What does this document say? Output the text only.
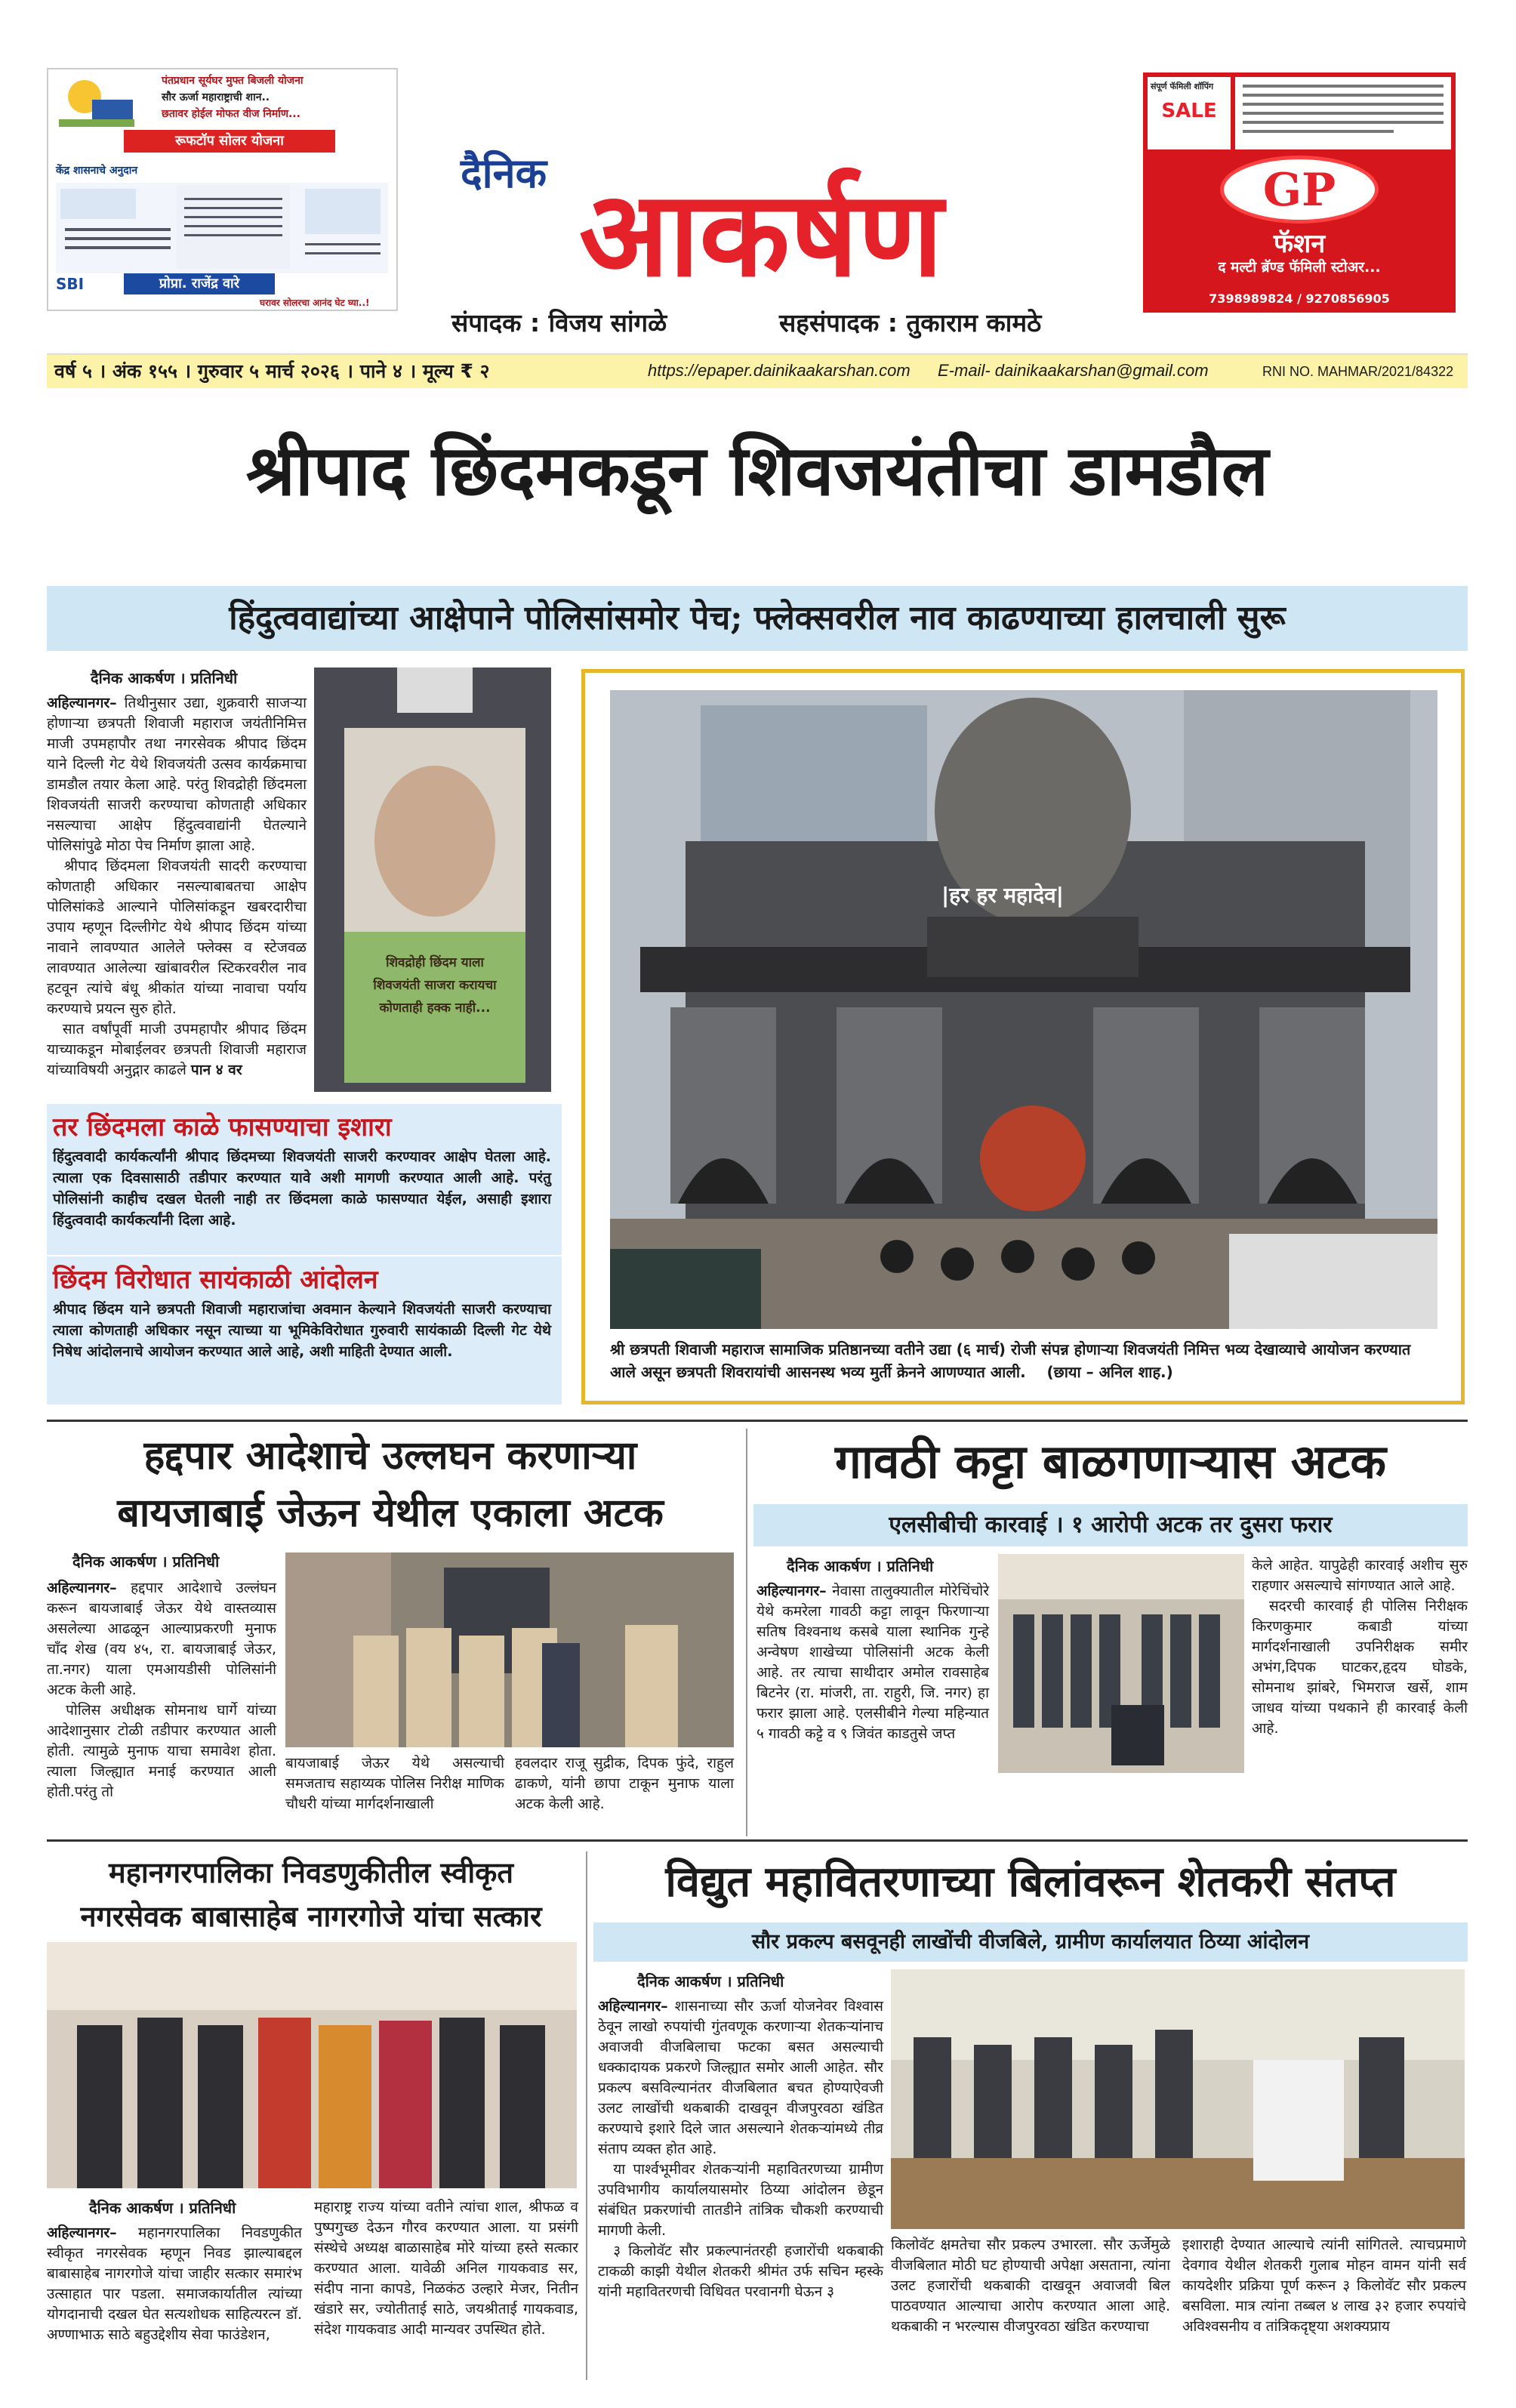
पंतप्रधान सूर्यघर मुफ्त बिजली योजना
सौर ऊर्जा महाराष्ट्राची शान..
छतावर होईल मोफत वीज निर्माण...
रूफटॉप सोलर योजना
केंद्र शासनाचे अनुदान
SBI	प्रोप्रा. राजेंद्र वारे
घरावर सोलरचा आनंद घेट घ्या..!
दैनिक आकर्षण
संपादक : विजय सांगळे	सहसंपादक : तुकाराम कामठे
संपूर्ण फॅमिली शॉपिंग
SALE
GP
फॅशन
द मल्टी ब्रॅण्ड फॅमिली स्टोअर...
7398989824 / 9270856905
वर्ष ५ । अंक १५५ । गुरुवार ५ मार्च २०२६ । पाने ४ । मूल्य ₹ २	https://epaper.dainikaakarshan.com	E-mail- dainikaakarshan@gmail.com	RNI NO. MAHMAR/2021/84322
श्रीपाद छिंदमकडून शिवजयंतीचा डामडौल
हिंदुत्ववाद्यांच्या आक्षेपाने पोलिसांसमोर पेच; फ्लेक्सवरील नाव काढण्याच्या हालचाली सुरू
दैनिक आकर्षण । प्रतिनिधी
अहिल्यानगर– तिथीनुसार उद्या, शुक्रवारी साजऱ्या होणाऱ्या छत्रपती शिवाजी महाराज जयंतीनिमित्त माजी उपमहापौर तथा नगरसेवक श्रीपाद छिंदम याने दिल्ली गेट येथे शिवजयंती उत्सव कार्यक्रमाचा डामडौल तयार केला आहे. परंतु शिवद्रोही छिंदमला शिवजयंती साजरी करण्याचा कोणताही अधिकार नसल्याचा आक्षेप हिंदुत्ववाद्यांनी घेतल्याने पोलिसांपुढे मोठा पेच निर्माण झाला आहे.
श्रीपाद छिंदमला शिवजयंती सादरी करण्याचा कोणताही अधिकार नसल्याबाबतचा आक्षेप पोलिसांकडे आल्याने पोलिसांकडून खबरदारीचा उपाय म्हणून दिल्लीगेट येथे श्रीपाद छिंदम यांच्या नावाने लावण्यात आलेले फ्लेक्स व स्टेजवळ लावण्यात आलेल्या खांबावरील स्टिकरवरील नाव हटवून त्यांचे बंधू श्रीकांत यांच्या नावाचा पर्याय करण्याचे प्रयत्न सुरु होते.
सात वर्षांपूर्वी माजी उपमहापौर श्रीपाद छिंदम याच्याकडून मोबाईलवर छत्रपती शिवाजी महाराज यांच्याविषयी अनुद्गार काढले पान ४ वर
शिवद्रोही छिंदम याला
शिवजयंती साजरा करायचा
कोणताही हक्क नाही...
तर छिंदमला काळे फासण्याचा इशारा
हिंदुत्ववादी कार्यकर्त्यांनी श्रीपाद छिंदमच्या शिवजयंती साजरी करण्यावर आक्षेप घेतला आहे. त्याला एक दिवसासाठी तडीपार करण्यात यावे अशी मागणी करण्यात आली आहे. परंतु पोलिसांनी काहीच दखल घेतली नाही तर छिंदमला काळे फासण्यात येईल, असाही इशारा हिंदुत्ववादी कार्यकर्त्यांनी दिला आहे.
छिंदम विरोधात सायंकाळी आंदोलन
श्रीपाद छिंदम याने छत्रपती शिवाजी महाराजांचा अवमान केल्याने शिवजयंती साजरी करण्याचा त्याला कोणताही अधिकार नसून त्याच्या या भूमिकेविरोधात गुरुवारी सायंकाळी दिल्ली गेट येथे निषेध आंदोलनाचे आयोजन करण्यात आले आहे, अशी माहिती देण्यात आली.
|हर हर महादेव|
श्री छत्रपती शिवाजी महाराज सामाजिक प्रतिष्ठानच्या वतीने उद्या (६ मार्च) रोजी संपन्न होणाऱ्या शिवजयंती निमित्त भव्य देखाव्याचे आयोजन करण्यात आले असून छत्रपती शिवरायांची आसनस्थ भव्य मुर्ती क्रेनने आणण्यात आली. (छाया – अनिल शाह.)
हद्दपार आदेशाचे उल्लघन करणाऱ्या
बायजाबाई जेऊन येथील एकाला अटक
दैनिक आकर्षण । प्रतिनिधी
अहिल्यानगर– हद्दपार आदेशाचे उल्लंघन करून बायजाबाई जेऊर येथे वास्तव्यास असलेल्या आढळून आल्याप्रकरणी मुनाफ चाँद शेख (वय ४५, रा. बायजाबाई जेऊर, ता.नगर) याला एमआयडीसी पोलिसांनी अटक केली आहे.
पोलिस अधीक्षक सोमनाथ घार्गे यांच्या आदेशानुसार टोळी तडीपार करण्यात आली होती. त्यामुळे मुनाफ याचा समावेश होता. त्याला जिल्ह्यात मनाई करण्यात आली होती.परंतु तो
बायजाबाई जेऊर येथे असल्याची समजताच सहाय्यक पोलिस निरीक्ष माणिक चौधरी यांच्या मार्गदर्शनाखाली
हवलदार राजू सुद्रीक, दिपक फुंदे, राहुल ढाकणे, यांनी छापा टाकून मुनाफ याला अटक केली आहे.
गावठी कट्टा बाळगणाऱ्यास अटक
एलसीबीची कारवाई । १ आरोपी अटक तर दुसरा फरार
दैनिक आकर्षण । प्रतिनिधी
अहिल्यानगर– नेवासा तालुक्यातील मोरेचिंचोरे येथे कमरेला गावठी कट्टा लावून फिरणाऱ्या सतिष विश्वनाथ कसबे याला स्थानिक गुन्हे अन्वेषण शाखेच्या पोलिसांनी अटक केली आहे. तर त्याचा साथीदार अमोल रावसाहेब बिटनेर (रा. मांजरी, ता. राहुरी, जि. नगर) हा फरार झाला आहे. एलसीबीने गेल्या महिन्यात ५ गावठी कट्टे व ९ जिवंत काडतुसे जप्त
केले आहेत. यापुढेही कारवाई अशीच सुरु राहणार असल्याचे सांगण्यात आले आहे.
सदरची कारवाई ही पोलिस निरीक्षक किरणकुमार कबाडी यांच्या मार्गदर्शनाखाली उपनिरीक्षक समीर अभंग,दिपक घाटकर,हृदय घोडके, सोमनाथ झांबरे, भिमराज खर्से, शाम जाधव यांच्या पथकाने ही कारवाई केली आहे.
महानगरपालिका निवडणुकीतील स्वीकृत
नगरसेवक बाबासाहेब नागरगोजे यांचा सत्कार
दैनिक आकर्षण । प्रतिनिधी
अहिल्यानगर– महानगरपालिका निवडणुकीत स्वीकृत नगरसेवक म्हणून निवड झाल्याबद्दल बाबासाहेब नागरगोजे यांचा जाहीर सत्कार समारंभ उत्साहात पार पडला. समाजकार्यातील त्यांच्या योगदानाची दखल घेत सत्यशोधक साहित्यरत्न डॉ. अण्णाभाऊ साठे बहुउद्देशीय सेवा फाउंडेशन,
महाराष्ट्र राज्य यांच्या वतीने त्यांचा शाल, श्रीफळ व पुष्पगुच्छ देऊन गौरव करण्यात आला. या प्रसंगी संस्थेचे अध्यक्ष बाळासाहेब मोरे यांच्या हस्ते सत्कार करण्यात आला. यावेळी अनिल गायकवाड सर, संदीप नाना कापडे, निळकंठ उल्हारे मेजर, नितीन खंडारे सर, ज्योतीताई साठे, जयश्रीताई गायकवाड, संदेश गायकवाड आदी मान्यवर उपस्थित होते.
विद्युत महावितरणाच्या बिलांवरून शेतकरी संतप्त
सौर प्रकल्प बसवूनही लाखोंची वीजबिले, ग्रामीण कार्यालयात ठिय्या आंदोलन
दैनिक आकर्षण । प्रतिनिधी
अहिल्यानगर– शासनाच्या सौर ऊर्जा योजनेवर विश्वास ठेवून लाखो रुपयांची गुंतवणूक करणाऱ्या शेतकऱ्यांनाच अवाजवी वीजबिलाचा फटका बसत असल्याची धक्कादायक प्रकरणे जिल्ह्यात समोर आली आहेत. सौर प्रकल्प बसविल्यानंतर वीजबिलात बचत होण्याऐवजी उलट लाखोंची थकबाकी दाखवून वीजपुरवठा खंडित करण्याचे इशारे दिले जात असल्याने शेतकऱ्यांमध्ये तीव्र संताप व्यक्त होत आहे.
या पार्श्वभूमीवर शेतकऱ्यांनी महावितरणच्या ग्रामीण उपविभागीय कार्यालयासमोर ठिय्या आंदोलन छेडून संबंधित प्रकरणांची तातडीने तांत्रिक चौकशी करण्याची मागणी केली.
३ किलोवॅट सौर प्रकल्पानंतरही हजारोंची थकबाकी टाकळी काझी येथील शेतकरी श्रीमंत उर्फ सचिन म्हस्के यांनी महावितरणची विधिवत परवानगी घेऊन ३
किलोवॅट क्षमतेचा सौर प्रकल्प उभारला. सौर ऊर्जेमुळे वीजबिलात मोठी घट होण्याची अपेक्षा असताना, त्यांना उलट हजारोंची थकबाकी दाखवून अवाजवी बिल पाठवण्यात आल्याचा आरोप करण्यात आला आहे. थकबाकी न भरल्यास वीजपुरवठा खंडित करण्याचा
इशाराही देण्यात आल्याचे त्यांनी सांगितले. त्याचप्रमाणे देवगाव येथील शेतकरी गुलाब मोहन वामन यांनी सर्व कायदेशीर प्रक्रिया पूर्ण करून ३ किलोवॅट सौर प्रकल्प बसविला. मात्र त्यांना तब्बल ४ लाख ३२ हजार रुपयांचे अविश्वसनीय व तांत्रिकदृष्ट्या अशक्यप्राय
